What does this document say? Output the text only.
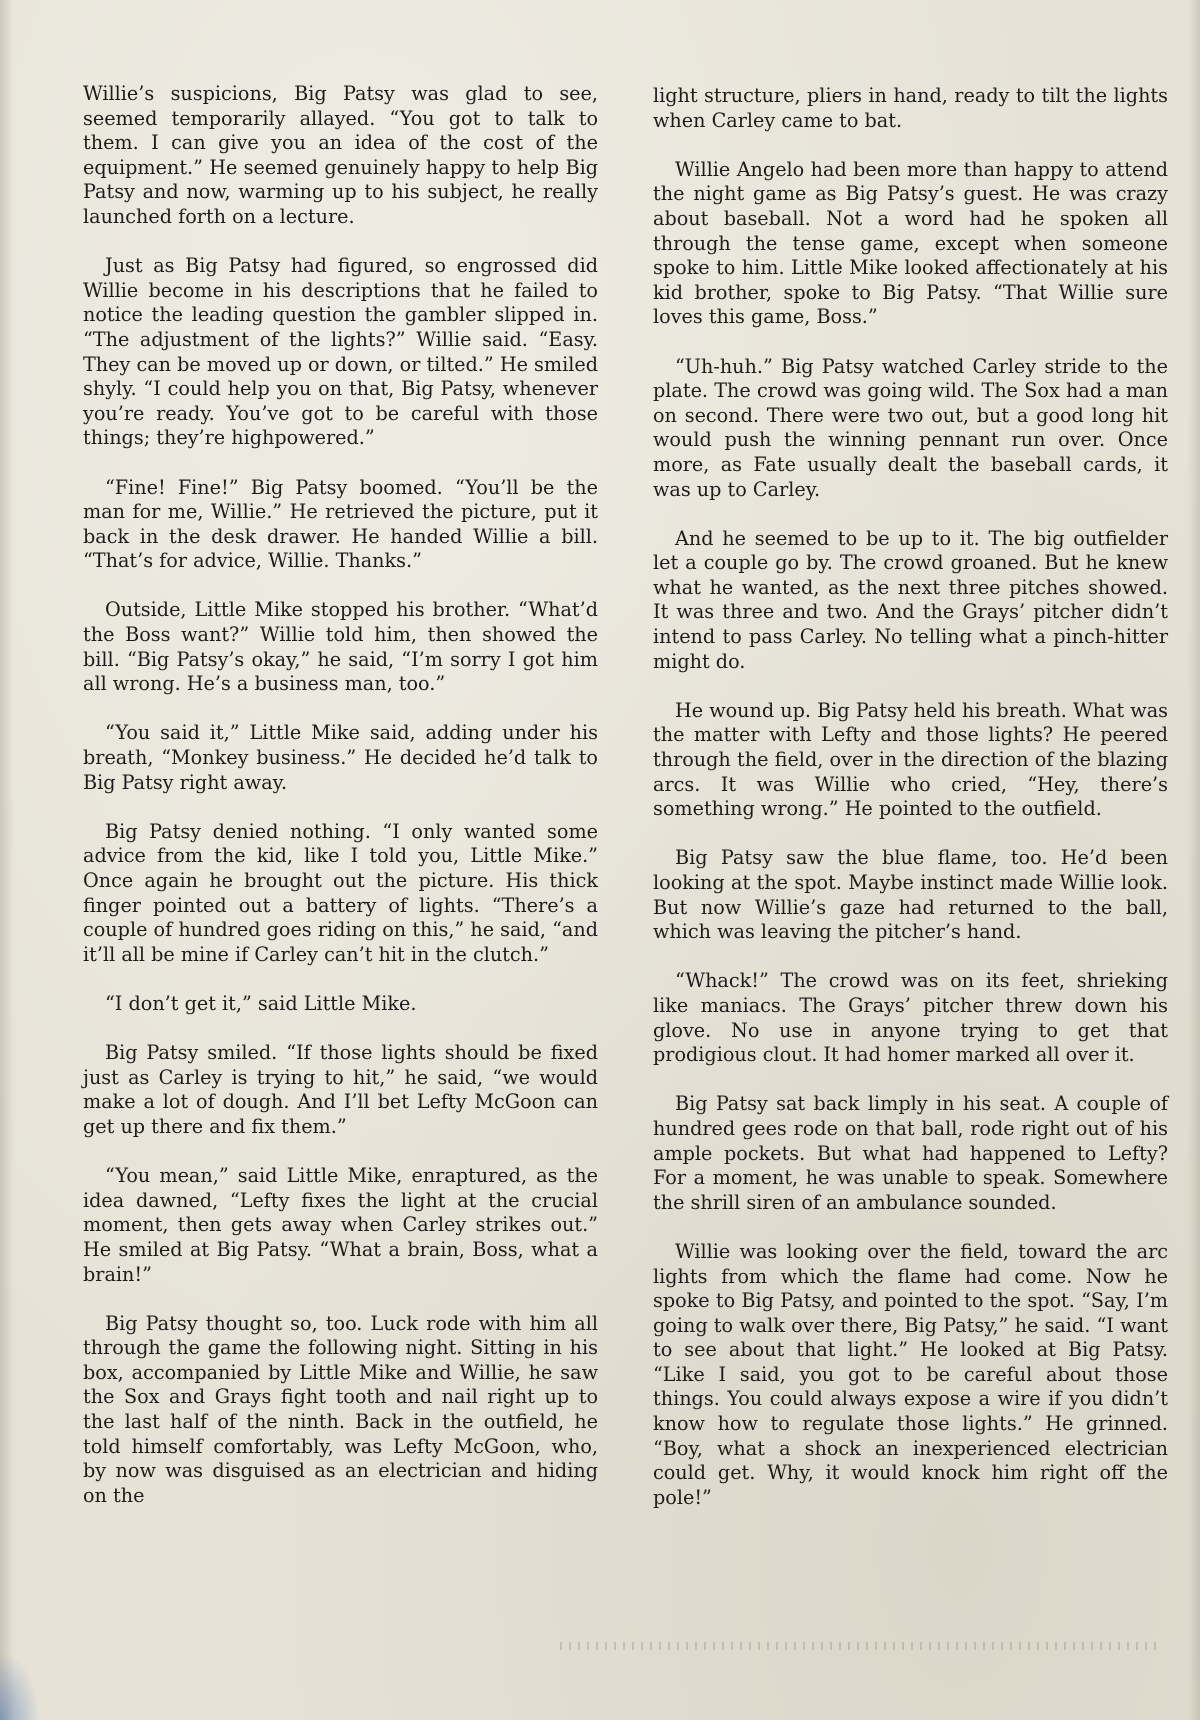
Willie’s suspicions, Big Patsy was glad to see, seemed temporarily allayed. “You got to talk to them. I can give you an idea of the cost of the equipment.” He seemed genuinely happy to help Big Patsy and now, warming up to his subject, he really launched forth on a lecture.

Just as Big Patsy had figured, so engrossed did Willie become in his descriptions that he failed to notice the leading question the gambler slipped in. “The adjustment of the lights?” Willie said. “Easy. They can be moved up or down, or tilted.” He smiled shyly. “I could help you on that, Big Patsy, whenever you’re ready. You’ve got to be careful with those things; they’re highpowered.”

“Fine! Fine!” Big Patsy boomed. “You’ll be the man for me, Willie.” He retrieved the picture, put it back in the desk drawer. He handed Willie a bill. “That’s for advice, Willie. Thanks.”

Outside, Little Mike stopped his brother. “What’d the Boss want?” Willie told him, then showed the bill. “Big Patsy’s okay,” he said, “I’m sorry I got him all wrong. He’s a business man, too.”

“You said it,” Little Mike said, adding under his breath, “Monkey business.” He decided he’d talk to Big Patsy right away.

Big Patsy denied nothing. “I only wanted some advice from the kid, like I told you, Little Mike.” Once again he brought out the picture. His thick finger pointed out a battery of lights. “There’s a couple of hundred goes riding on this,” he said, “and it’ll all be mine if Carley can’t hit in the clutch.”

“I don’t get it,” said Little Mike.

Big Patsy smiled. “If those lights should be fixed just as Carley is trying to hit,” he said, “we would make a lot of dough. And I’ll bet Lefty McGoon can get up there and fix them.”

“You mean,” said Little Mike, enraptured, as the idea dawned, “Lefty fixes the light at the crucial moment, then gets away when Carley strikes out.” He smiled at Big Patsy. “What a brain, Boss, what a brain!”

Big Patsy thought so, too. Luck rode with him all through the game the following night. Sitting in his box, accompanied by Little Mike and Willie, he saw the Sox and Grays fight tooth and nail right up to the last half of the ninth. Back in the outfield, he told himself comfortably, was Lefty McGoon, who, by now was disguised as an electrician and hiding on the

light structure, pliers in hand, ready to tilt the lights when Carley came to bat.

Willie Angelo had been more than happy to attend the night game as Big Patsy’s guest. He was crazy about baseball. Not a word had he spoken all through the tense game, except when someone spoke to him. Little Mike looked affectionately at his kid brother, spoke to Big Patsy. “That Willie sure loves this game, Boss.”

“Uh-huh.” Big Patsy watched Carley stride to the plate. The crowd was going wild. The Sox had a man on second. There were two out, but a good long hit would push the winning pennant run over. Once more, as Fate usually dealt the baseball cards, it was up to Carley.

And he seemed to be up to it. The big outfielder let a couple go by. The crowd groaned. But he knew what he wanted, as the next three pitches showed. It was three and two. And the Grays’ pitcher didn’t intend to pass Carley. No telling what a pinch-hitter might do.

He wound up. Big Patsy held his breath. What was the matter with Lefty and those lights? He peered through the field, over in the direction of the blazing arcs. It was Willie who cried, “Hey, there’s something wrong.” He pointed to the outfield.

Big Patsy saw the blue flame, too. He’d been looking at the spot. Maybe instinct made Willie look. But now Willie’s gaze had returned to the ball, which was leaving the pitcher’s hand.

“Whack!” The crowd was on its feet, shrieking like maniacs. The Grays’ pitcher threw down his glove. No use in anyone trying to get that prodigious clout. It had homer marked all over it.

Big Patsy sat back limply in his seat. A couple of hundred gees rode on that ball, rode right out of his ample pockets. But what had happened to Lefty? For a moment, he was unable to speak. Somewhere the shrill siren of an ambulance sounded.

Willie was looking over the field, toward the arc lights from which the flame had come. Now he spoke to Big Patsy, and pointed to the spot. “Say, I’m going to walk over there, Big Patsy,” he said. “I want to see about that light.” He looked at Big Patsy. “Like I said, you got to be careful about those things. You could always expose a wire if you didn’t know how to regulate those lights.” He grinned. “Boy, what a shock an inexperienced electrician could get. Why, it would knock him right off the pole!”
